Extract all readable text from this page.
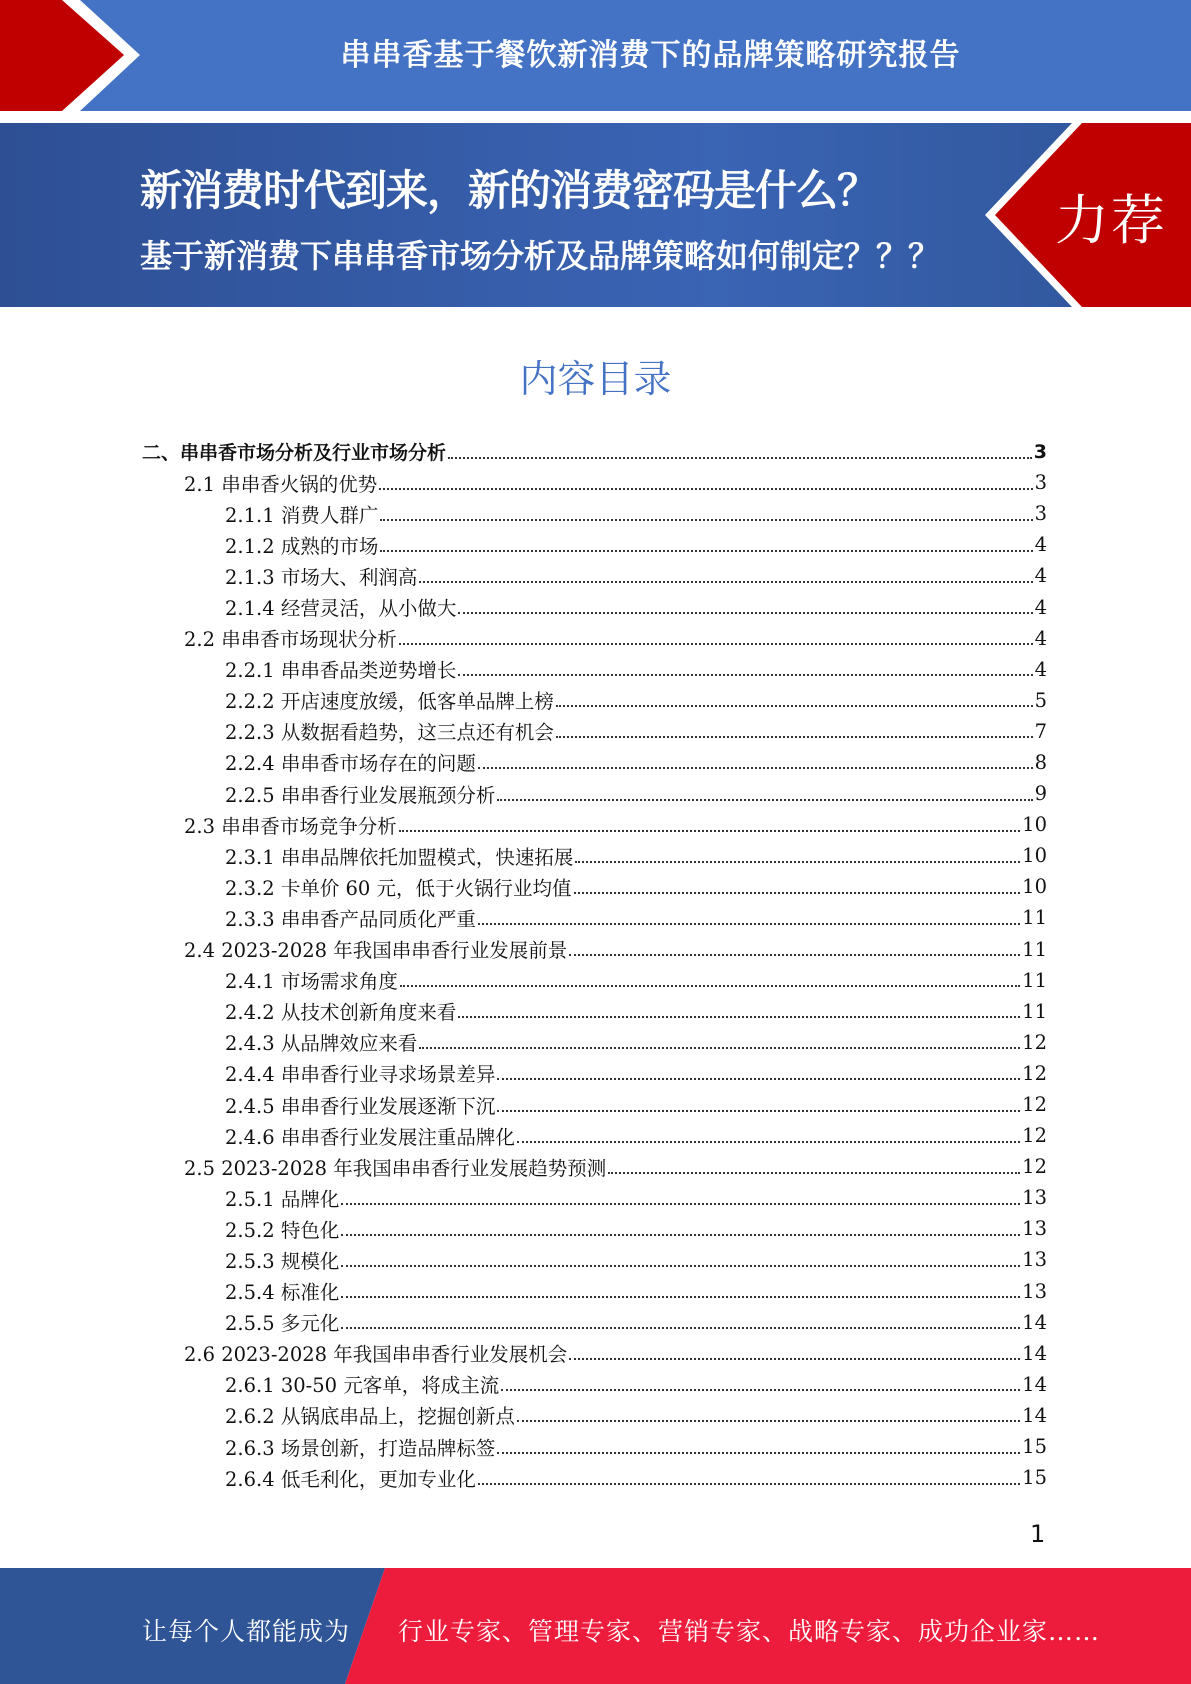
串串香基于餐饮新消费下的品牌策略研究报告
新消费时代到来，新的消费密码是什么？
基于新消费下串串香市场分析及品牌策略如何制定？？？
力荐
内容目录
二、串串香市场分析及行业市场分析	3
2.1 串串香火锅的优势	3
2.1.1 消费人群广	3
2.1.2 成熟的市场	4
2.1.3 市场大、利润高	4
2.1.4 经营灵活，从小做大	4
2.2 串串香市场现状分析	4
2.2.1 串串香品类逆势增长	4
2.2.2 开店速度放缓，低客单品牌上榜	5
2.2.3 从数据看趋势，这三点还有机会	7
2.2.4 串串香市场存在的问题	8
2.2.5 串串香行业发展瓶颈分析	9
2.3 串串香市场竞争分析	10
2.3.1 串串品牌依托加盟模式，快速拓展	10
2.3.2 卡单价 60 元，低于火锅行业均值	10
2.3.3 串串香产品同质化严重	11
2.4 2023-2028 年我国串串香行业发展前景	11
2.4.1 市场需求角度	11
2.4.2 从技术创新角度来看	11
2.4.3 从品牌效应来看	12
2.4.4 串串香行业寻求场景差异	12
2.4.5 串串香行业发展逐渐下沉	12
2.4.6 串串香行业发展注重品牌化	12
2.5 2023-2028 年我国串串香行业发展趋势预测	12
2.5.1 品牌化	13
2.5.2 特色化	13
2.5.3 规模化	13
2.5.4 标准化	13
2.5.5 多元化	14
2.6 2023-2028 年我国串串香行业发展机会	14
2.6.1 30-50 元客单，将成主流	14
2.6.2 从锅底串品上，挖掘创新点	14
2.6.3 场景创新，打造品牌标签	15
2.6.4 低毛利化，更加专业化	15
1
让每个人都能成为 行业专家、管理专家、营销专家、战略专家、成功企业家……
